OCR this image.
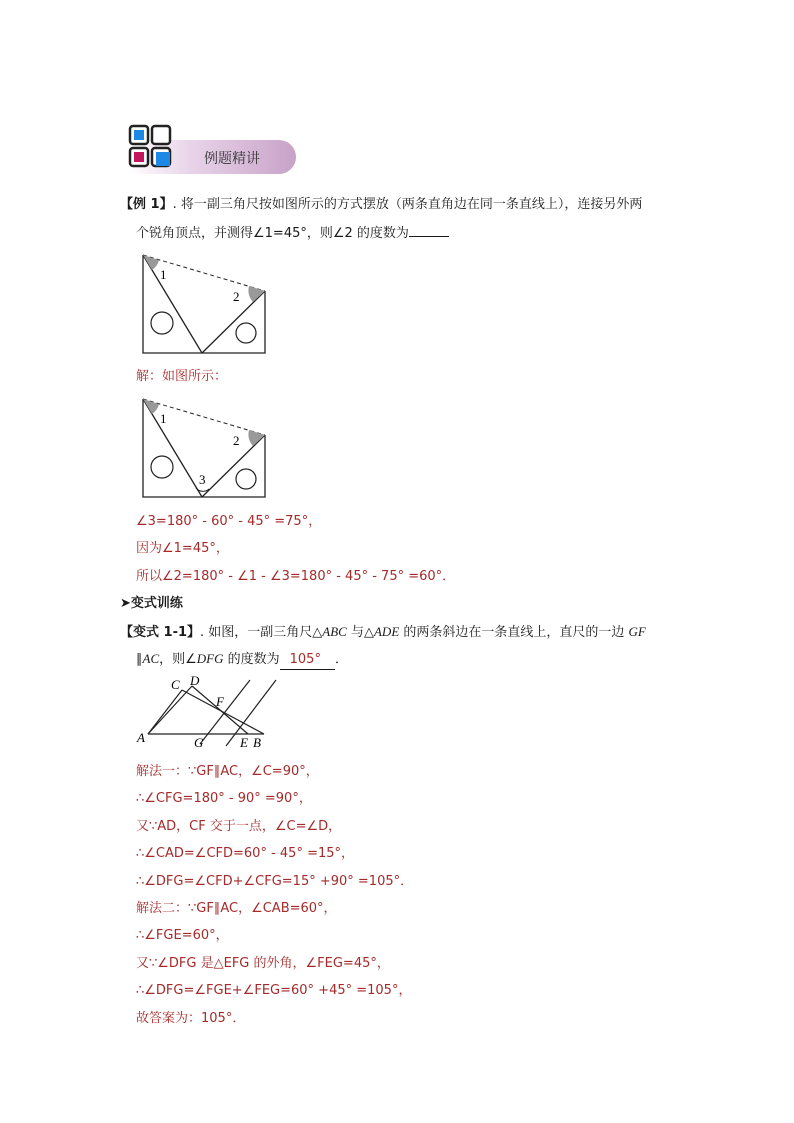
例题精讲
【例 1】. 将一副三角尺按如图所示的方式摆放（两条直角边在同一条直线上），连接另外两
个锐角顶点，并测得∠1=45°，则∠2 的度数为
1
2
解：如图所示：
1
2
3
∠3=180° - 60° - 45° =75°，
因为∠1=45°，
所以∠2=180° - ∠1 - ∠3=180° - 45° - 75° =60°．
➤变式训练
【变式 1-1】. 如图，一副三角尺△ABC 与△ADE 的两条斜边在一条直线上，直尺的一边 GF
∥AC，则∠DFG 的度数为 105° ．
A	B
C D
E
F
G
解法一：∵GF∥AC，∠C=90°，
∴∠CFG=180° - 90° =90°，
又∵AD，CF 交于一点，∠C=∠D，
∴∠CAD=∠CFD=60° - 45° =15°，
∴∠DFG=∠CFD+∠CFG=15° +90° =105°．
解法二：∵GF∥AC，∠CAB=60°，
∴∠FGE=60°，
又∵∠DFG 是△EFG 的外角，∠FEG=45°，
∴∠DFG=∠FGE+∠FEG=60° +45° =105°，
故答案为：105°．
